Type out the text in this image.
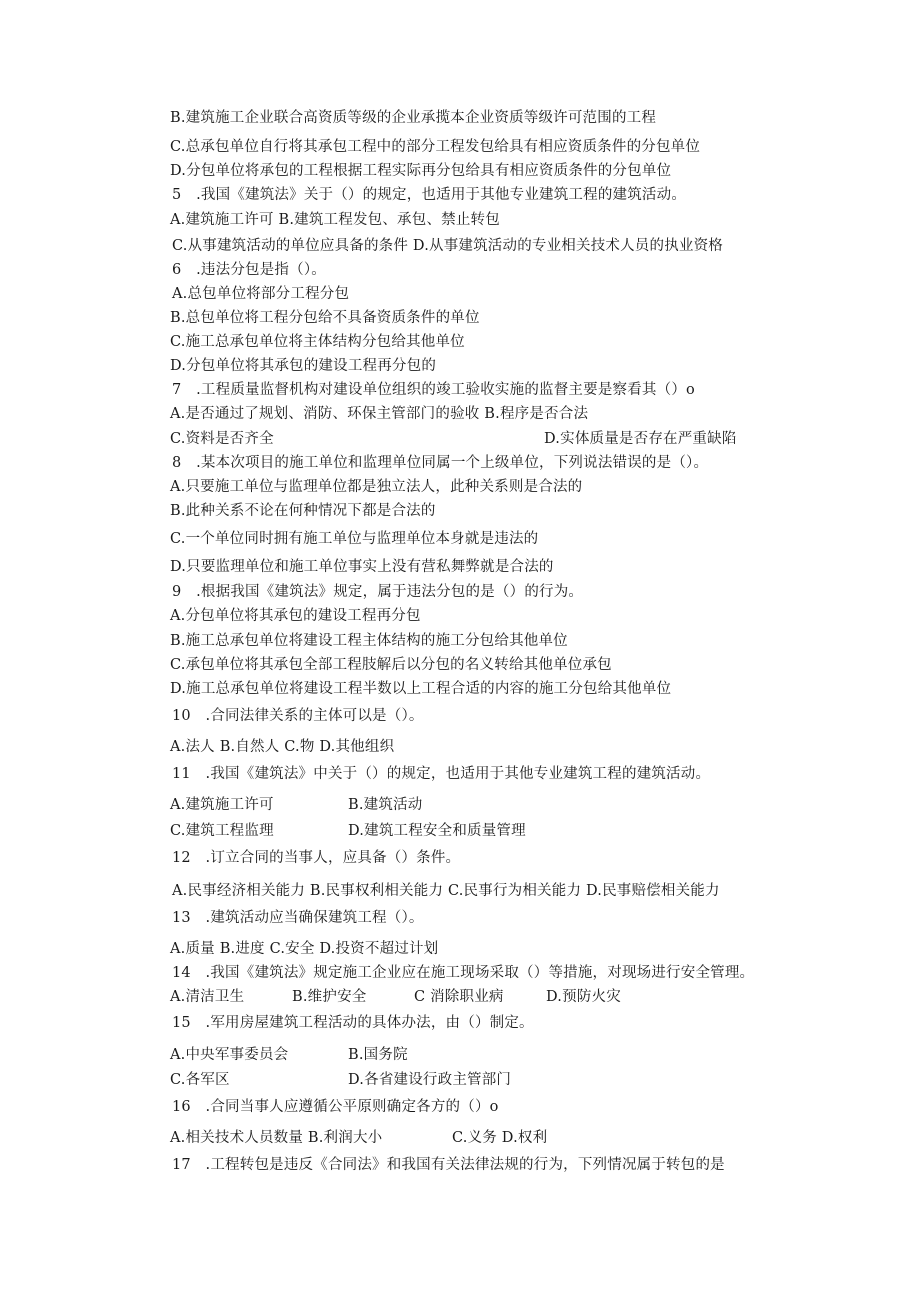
B.建筑施工企业联合高资质等级的企业承揽本企业资质等级许可范围的工程
C.总承包单位自行将其承包工程中的部分工程发包给具有相应资质条件的分包单位
D.分包单位将承包的工程根据工程实际再分包给具有相应资质条件的分包单位
5　.我国《建筑法》关于（）的规定，也适用于其他专业建筑工程的建筑活动。
A.建筑施工许可 B.建筑工程发包、承包、禁止转包
C.从事建筑活动的单位应具备的条件 D.从事建筑活动的专业相关技术人员的执业资格
6　.违法分包是指（）。
A.总包单位将部分工程分包
B.总包单位将工程分包给不具备资质条件的单位
C.施工总承包单位将主体结构分包给其他单位
D.分包单位将其承包的建设工程再分包的
7　.工程质量监督机构对建设单位组织的竣工验收实施的监督主要是察看其（）o
A.是否通过了规划、消防、环保主管部门的验收 B.程序是否合法
C.资料是否齐全	D.实体质量是否存在严重缺陷
8　.某本次项目的施工单位和监理单位同属一个上级单位，下列说法错误的是（）。
A.只要施工单位与监理单位都是独立法人，此种关系则是合法的
B.此种关系不论在何种情况下都是合法的
C.一个单位同时拥有施工单位与监理单位本身就是违法的
D.只要监理单位和施工单位事实上没有营私舞弊就是合法的
9　.根据我国《建筑法》规定，属于违法分包的是（）的行为。
A.分包单位将其承包的建设工程再分包
B.施工总承包单位将建设工程主体结构的施工分包给其他单位
C.承包单位将其承包全部工程肢解后以分包的名义转给其他单位承包
D.施工总承包单位将建设工程半数以上工程合适的内容的施工分包给其他单位
10　.合同法律关系的主体可以是（）。
A.法人 B.自然人 C.物 D.其他组织
11　.我国《建筑法》中关于（）的规定，也适用于其他专业建筑工程的建筑活动。
A.建筑施工许可	B.建筑活动
C.建筑工程监理	D.建筑工程安全和质量管理
12　.订立合同的当事人，应具备（）条件。
A.民事经济相关能力 B.民事权利相关能力 C.民事行为相关能力 D.民事赔偿相关能力
13　.建筑活动应当确保建筑工程（）。
A.质量 B.进度 C.安全 D.投资不超过计划
14　.我国《建筑法》规定施工企业应在施工现场采取（）等措施，对现场进行安全管理。
A.清洁卫生	B.维护安全	C 消除职业病	D.预防火灾
15　.军用房屋建筑工程活动的具体办法，由（）制定。
A.中央军事委员会	B.国务院
C.各军区	D.各省建设行政主管部门
16　.合同当事人应遵循公平原则确定各方的（）o
A.相关技术人员数量 B.利润大小	C.义务 D.权利
17　.工程转包是违反《合同法》和我国有关法律法规的行为，下列情况属于转包的是
